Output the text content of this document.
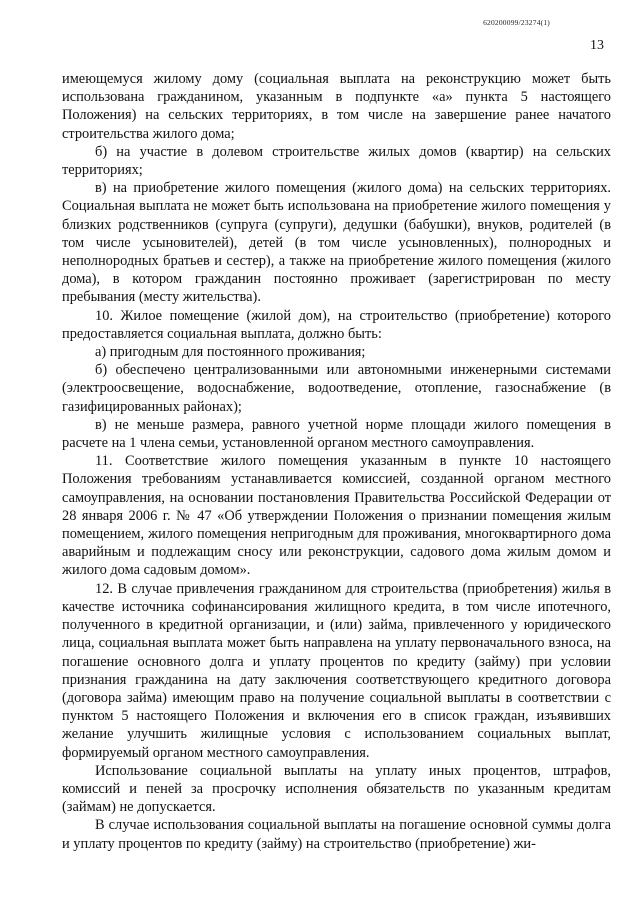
620200099/23274(1)
13

имеющемуся жилому дому (социальная выплата на реконструкцию может быть использована гражданином, указанным в подпункте «а» пункта 5 настоящего Положения) на сельских территориях, в том числе на завершение ранее начатого строительства жилого дома;

б) на участие в долевом строительстве жилых домов (квартир) на сельских территориях;

в) на приобретение жилого помещения (жилого дома) на сельских территориях. Социальная выплата не может быть использована на приобретение жилого помещения у близких родственников (супруга (супруги), дедушки (бабушки), внуков, родителей (в том числе усыновителей), детей (в том числе усыновленных), полнородных и неполнородных братьев и сестер), а также на приобретение жилого помещения (жилого дома), в котором гражданин постоянно проживает (зарегистрирован по месту пребывания (месту жительства).

10. Жилое помещение (жилой дом), на строительство (приобретение) которого предоставляется социальная выплата, должно быть:

а) пригодным для постоянного проживания;

б) обеспечено централизованными или автономными инженерными системами (электроосвещение, водоснабжение, водоотведение, отопление, газоснабжение (в газифицированных районах);

в) не меньше размера, равного учетной норме площади жилого помещения в расчете на 1 члена семьи, установленной органом местного самоуправления.

11. Соответствие жилого помещения указанным в пункте 10 настоящего Положения требованиям устанавливается комиссией, созданной органом местного самоуправления, на основании постановления Правительства Российской Федерации от 28 января 2006 г. № 47 «Об утверждении Положения о признании помещения жилым помещением, жилого помещения непригодным для проживания, многоквартирного дома аварийным и подлежащим сносу или реконструкции, садового дома жилым домом и жилого дома садовым домом».

12. В случае привлечения гражданином для строительства (приобретения) жилья в качестве источника софинансирования жилищного кредита, в том числе ипотечного, полученного в кредитной организации, и (или) займа, привлеченного у юридического лица, социальная выплата может быть направлена на уплату первоначального взноса, на погашение основного долга и уплату процентов по кредиту (займу) при условии признания гражданина на дату заключения соответствующего кредитного договора (договора займа) имеющим право на получение социальной выплаты в соответствии с пунктом 5 настоящего Положения и включения его в список граждан, изъявивших желание улучшить жилищные условия с использованием социальных выплат, формируемый органом местного самоуправления.

Использование социальной выплаты на уплату иных процентов, штрафов, комиссий и пеней за просрочку исполнения обязательств по указанным кредитам (займам) не допускается.

В случае использования социальной выплаты на погашение основной суммы долга и уплату процентов по кредиту (займу) на строительство (приобретение) жи-
